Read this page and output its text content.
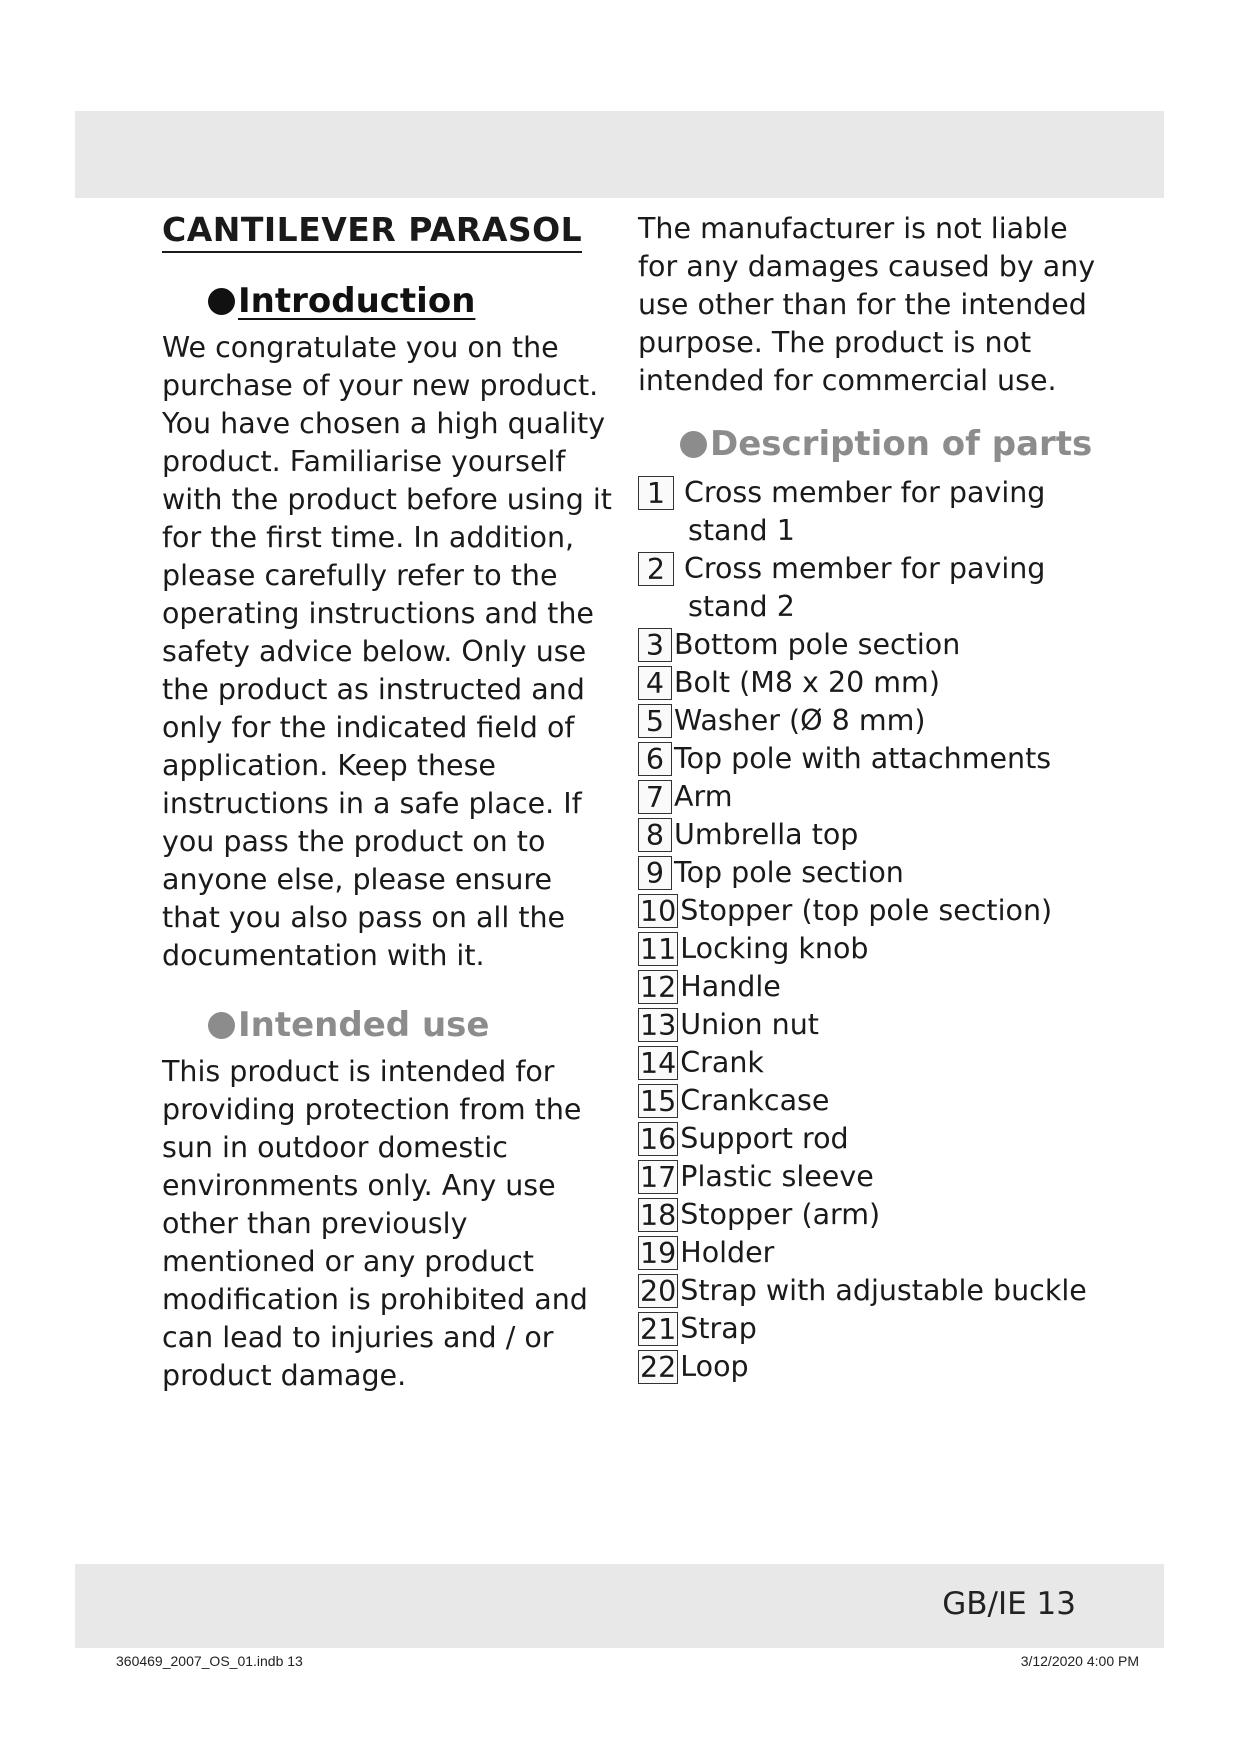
CANTILEVER PARASOL
Introduction

We congratulate you on the purchase of your new product. You have chosen a high quality product. Familiarise yourself with the product before using it for the first time. In addition, please carefully refer to the operating instructions and the safety advice below. Only use the product as instructed and only for the indicated field of application. Keep these instructions in a safe place. If you pass the product on to anyone else, please ensure that you also pass on all the documentation with it.

Intended use

This product is intended for providing protection from the sun in outdoor domestic environments only. Any use other than previously mentioned or any product modification is prohibited and can lead to injuries and / or product damage.

The manufacturer is not liable for any damages caused by any use other than for the intended purpose. The product is not intended for commercial use.

Description of parts
1 Cross member for paving
stand 1
2 Cross member for paving
stand 2
3 Bottom pole section
4 Bolt (M8 x 20 mm)
5 Washer (Ø 8 mm)
6 Top pole with attachments
7 Arm
8 Umbrella top
9 Top pole section
10 Stopper (top pole section)
11 Locking knob
12 Handle
13 Union nut
14 Crank
15 Crankcase
16 Support rod
17 Plastic sleeve
18 Stopper (arm)
19 Holder
20 Strap with adjustable buckle
21 Strap
22 Loop
GB/IE 13
360469_2007_OS_01.indb 13	3/12/2020 4:00 PM
